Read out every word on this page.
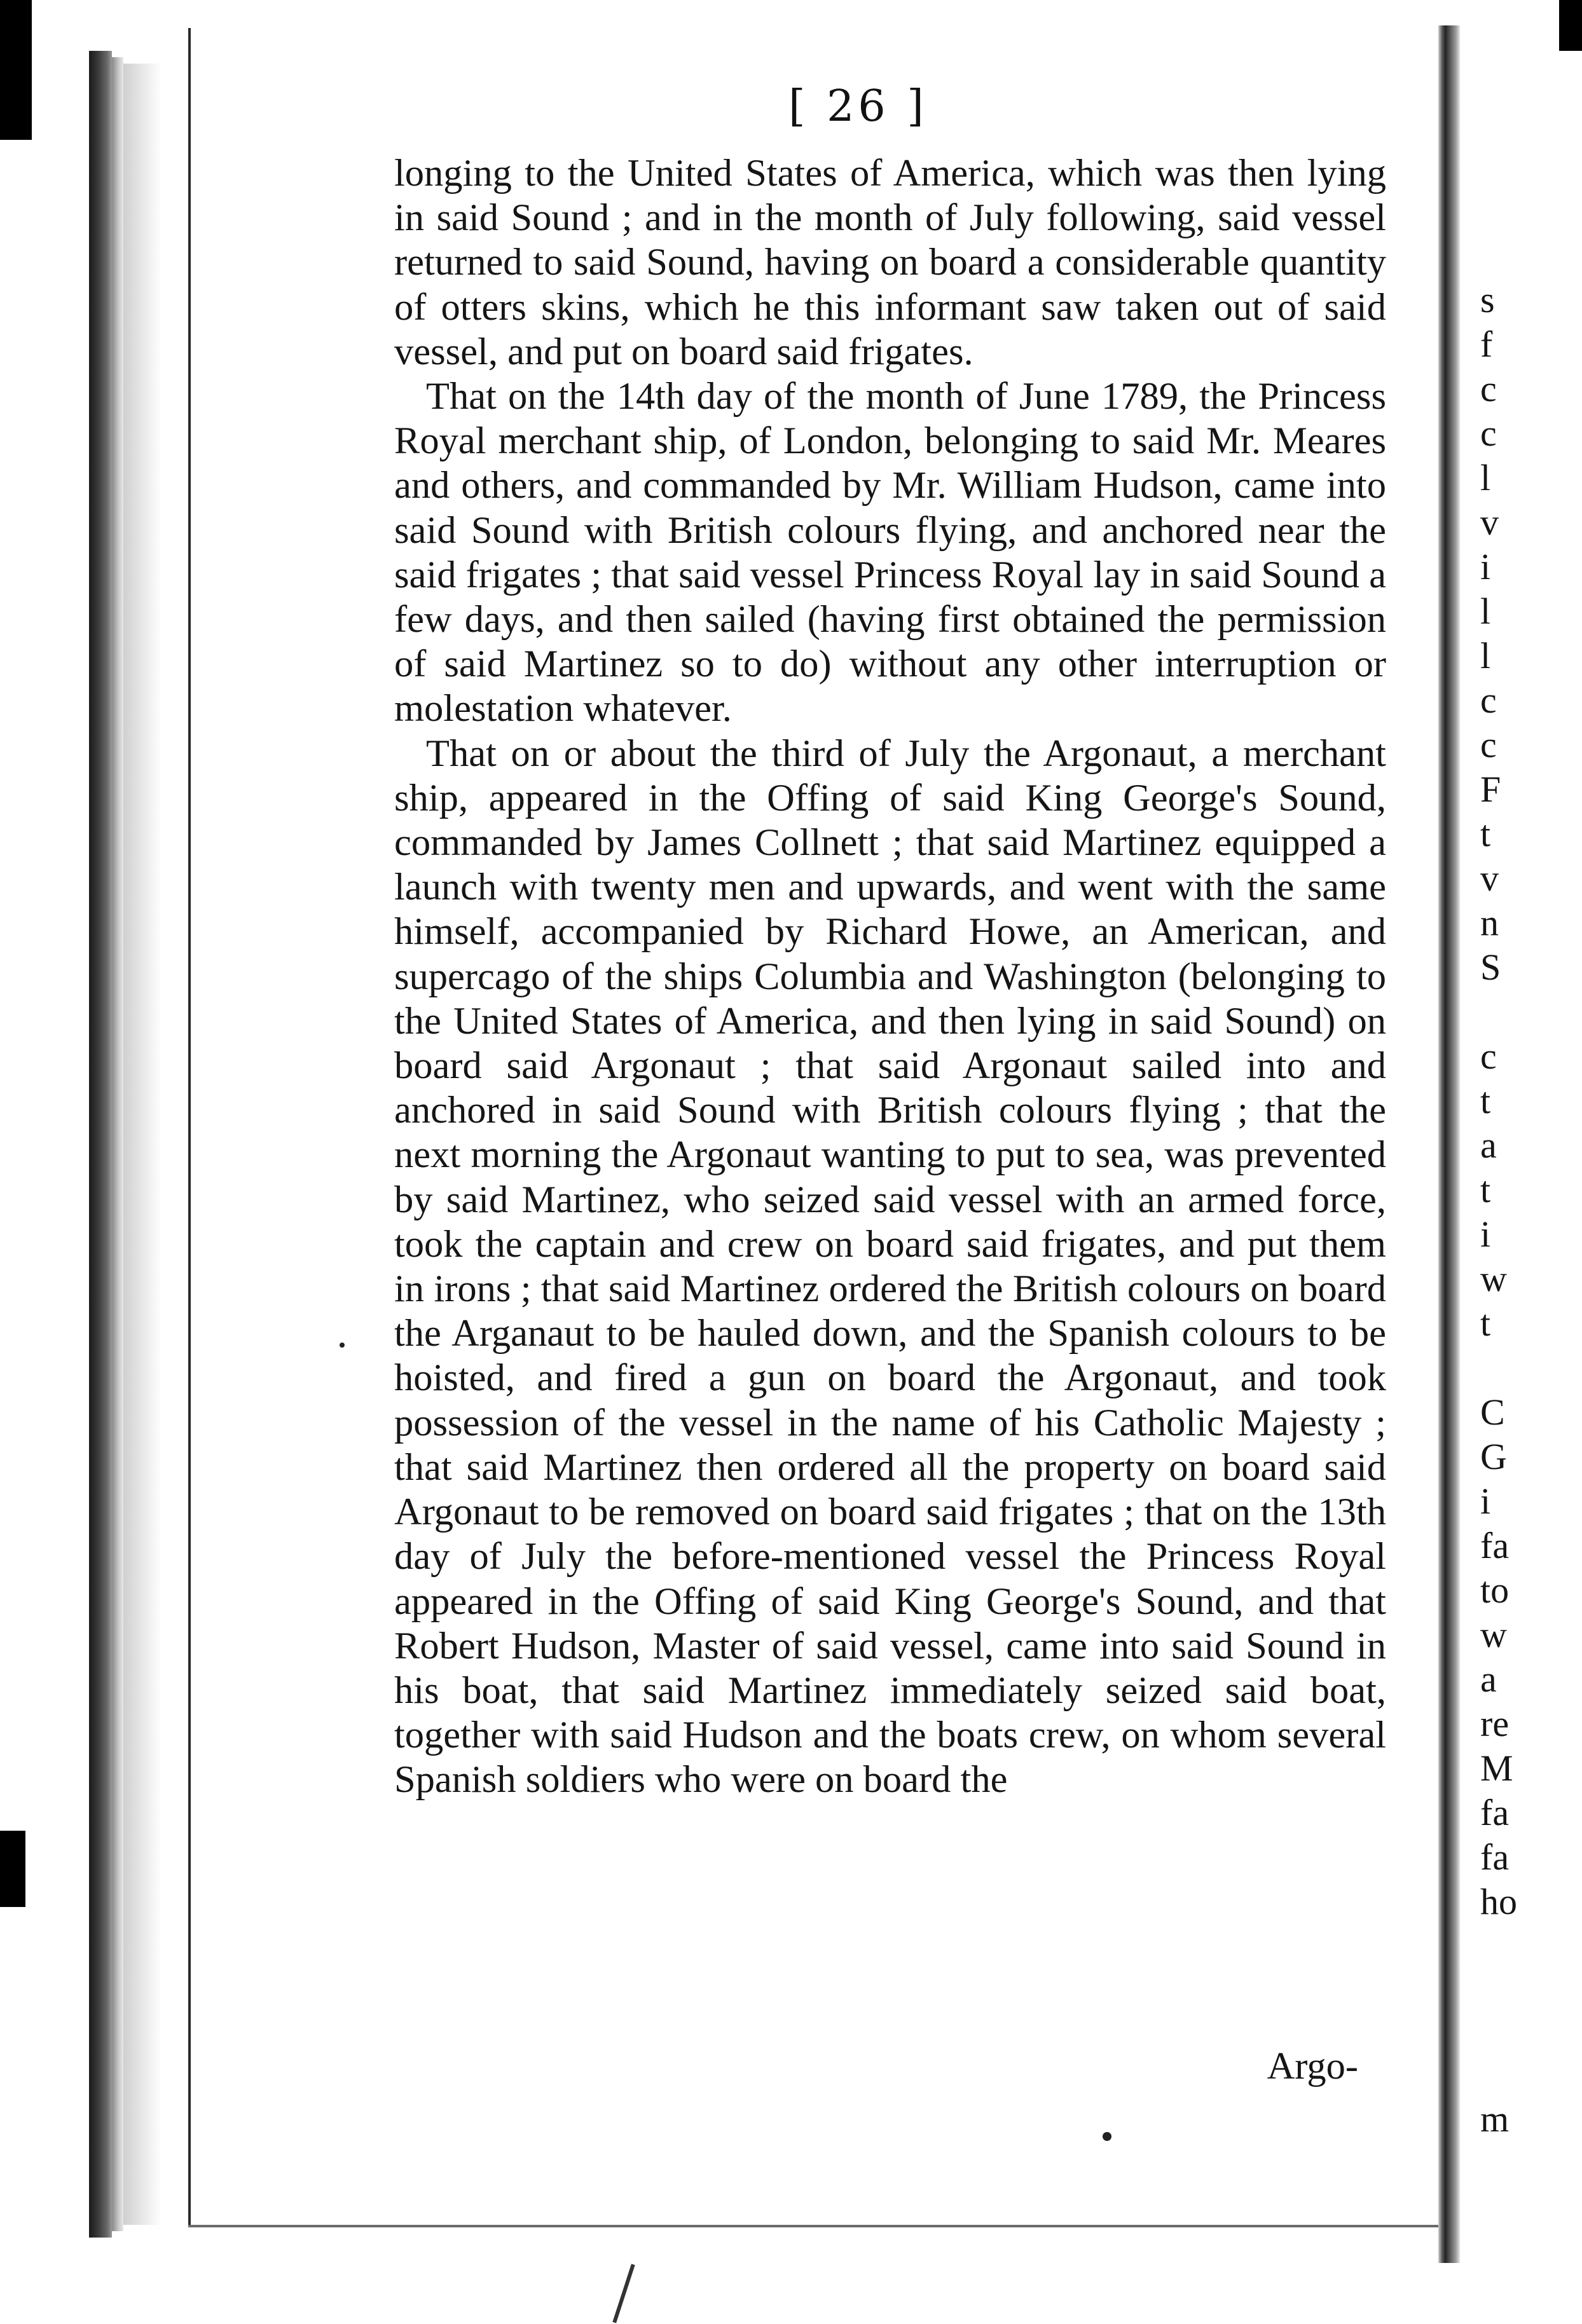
[ 26 ]

longing to the United States of America, which was then lying in said Sound ; and in the month of July following, said vessel returned to said Sound, having on board a considerable quantity of otters skins, which he this informant saw taken out of said vessel, and put on board said frigates.

That on the 14th day of the month of June 1789, the Princess Royal merchant ship, of London, belonging to said Mr. Meares and others, and commanded by Mr. William Hudson, came into said Sound with British colours flying, and anchored near the said frigates ; that said vessel Princess Royal lay in said Sound a few days, and then sailed (having first obtained the permission of said Martinez so to do) without any other interruption or molestation whatever.

That on or about the third of July the Argonaut, a merchant ship, appeared in the Offing of said King George's Sound, commanded by James Collnett ; that said Martinez equipped a launch with twenty men and upwards, and went with the same himself, accompanied by Richard Howe, an American, and supercago of the ships Columbia and Washington (belonging to the United States of America, and then lying in said Sound) on board said Argonaut ; that said Argonaut sailed into and anchored in said Sound with British colours flying ; that the next morning the Argonaut wanting to put to sea, was prevented by said Martinez, who seized said vessel with an armed force, took the captain and crew on board said frigates, and put them in irons ; that said Martinez ordered the British colours on board the Arganaut to be hauled down, and the Spanish colours to be hoisted, and fired a gun on board the Argonaut, and took possession of the vessel in the name of his Catholic Majesty ; that said Martinez then ordered all the property on board said Argonaut to be removed on board said frigates ; that on the 13th day of July the before-mentioned vessel the Princess Royal appeared in the Offing of said King George's Sound, and that Robert Hudson, Master of said vessel, came into said Sound in his boat, that said Martinez immediately seized said boat, together with said Hudson and the boats crew, on whom several Spanish soldiers who were on board the

Argo-
s
f
c
c
l
v
i
l
l
c
c
F
t
v
n
S
c
t
a
t
i
w
t
C
G
i
fa
to
w
a
re
M
fa
fa
ho
m
